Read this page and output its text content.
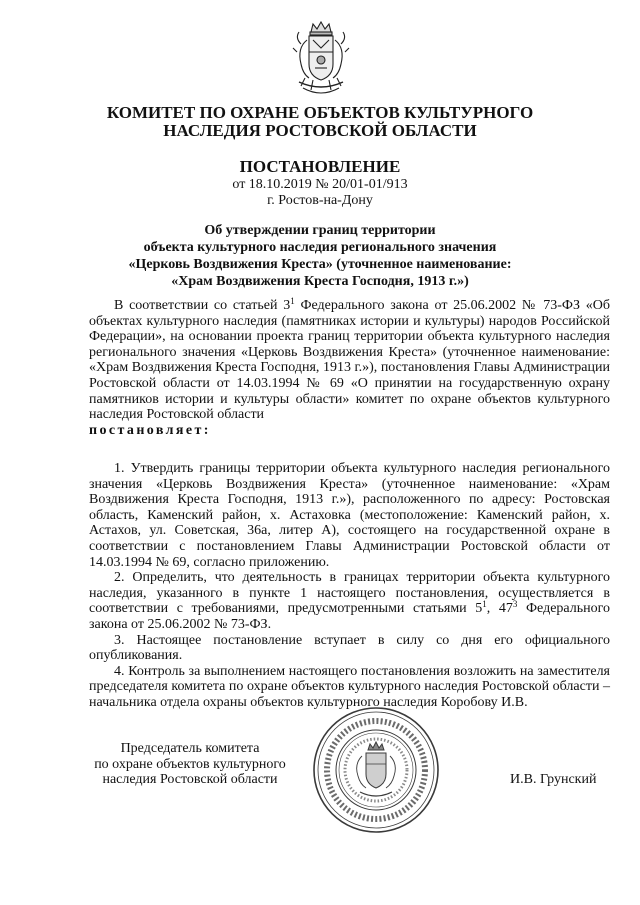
КОМИТЕТ ПО ОХРАНЕ ОБЪЕКТОВ КУЛЬТУРНОГО
НАСЛЕДИЯ РОСТОВСКОЙ ОБЛАСТИ
ПОСТАНОВЛЕНИЕ
от 18.10.2019 № 20/01-01/913
г. Ростов-на-Дону
Об утверждении границ территории
объекта культурного наследия регионального значения
«Церковь Воздвижения Креста» (уточненное наименование:
«Храм Воздвижения Креста Господня, 1913 г.»)

В соответствии со статьей $3^1$ Федерального закона от 25.06.2002 № 73-ФЗ «Об объектах культурного наследия (памятниках истории и культуры) народов Российской Федерации», на основании проекта границ территории объекта культурного наследия регионального значения «Церковь Воздвижения Креста» (уточненное наименование: «Храм Воздвижения Креста Господня, 1913 г.»), постановления Главы Администрации Ростовской области от 14.03.1994 № 69 «О принятии на государственную охрану памятников истории и культуры области» комитет по охране объектов культурного наследия Ростовской области

постановляет:

1. Утвердить границы территории объекта культурного наследия регионального значения «Церковь Воздвижения Креста» (уточненное наименование: «Храм Воздвижения Креста Господня, 1913 г.»), расположенного по адресу: Ростовская область, Каменский район, х. Астаховка (местоположение: Каменский район, х. Астахов, ул. Советская, 36а, литер А), состоящего на государственной охране в соответствии с постановлением Главы Администрации Ростовской области от 14.03.1994 № 69, согласно приложению.

2. Определить, что деятельность в границах территории объекта культурного наследия, указанного в пункте 1 настоящего постановления, осуществляется в соответствии с требованиями, предусмотренными статьями $5^1$, $47^3$ Федерального закона от 25.06.2002 № 73-ФЗ.

3. Настоящее постановление вступает в силу со дня его официального опубликования.

4. Контроль за выполнением настоящего постановления возложить на заместителя председателя комитета по охране объектов культурного наследия Ростовской области – начальника отдела охраны объектов культурного наследия Коробову И.В.

Председатель комитета
по охране объектов культурного
наследия Ростовской области	И.В. Грунский
